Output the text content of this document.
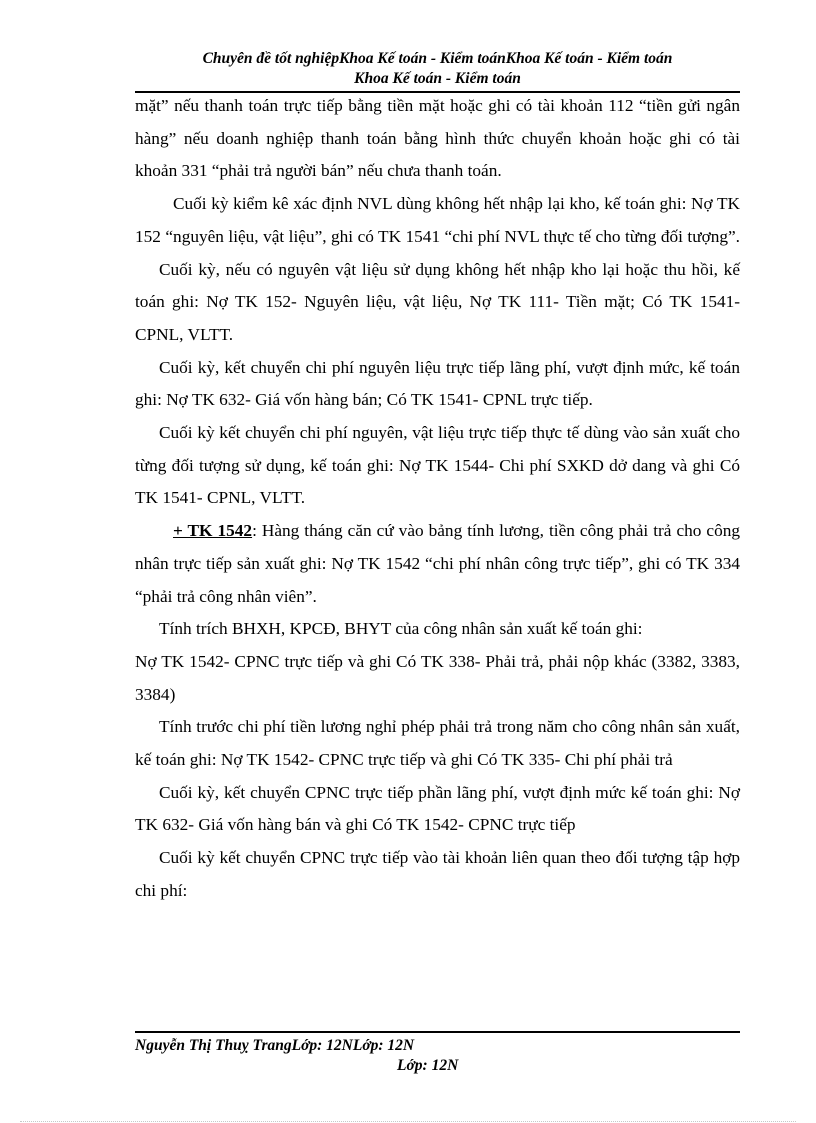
Chuyên đề tốt nghiệpKhoa Kế toán - Kiểm toánKhoa Kế toán - Kiểm toán
Khoa Kế toán - Kiểm toán

mặt” nếu thanh toán trực tiếp bằng tiền mặt hoặc ghi có tài khoản 112 “tiền gửi ngân hàng” nếu doanh nghiệp thanh toán bằng hình thức chuyển khoản hoặc ghi có tài khoản 331 “phải trả người bán” nếu chưa thanh toán.

Cuối kỳ kiểm kê xác định NVL dùng không hết nhập lại kho, kế toán ghi: Nợ TK 152 “nguyên liệu, vật liệu”, ghi có TK 1541 “chi phí NVL thực tế cho từng đối tượng”.

Cuối kỳ, nếu có nguyên vật liệu sử dụng không hết nhập kho lại hoặc thu hồi, kế toán ghi: Nợ TK 152- Nguyên liệu, vật liệu, Nợ TK 111- Tiền mặt; Có TK 1541- CPNL, VLTT.

Cuối kỳ, kết chuyển chi phí nguyên liệu trực tiếp lãng phí, vượt định mức, kế toán ghi: Nợ TK 632- Giá vốn hàng bán; Có TK 1541- CPNL trực tiếp.

Cuối kỳ kết chuyển chi phí nguyên, vật liệu trực tiếp thực tế dùng vào sản xuất cho từng đối tượng sử dụng, kế toán ghi: Nợ TK 1544- Chi phí SXKD dở dang và ghi Có TK 1541- CPNL, VLTT.

+ TK 1542: Hàng tháng căn cứ vào bảng tính lương, tiền công phải trả cho công nhân trực tiếp sản xuất ghi: Nợ TK 1542 “chi phí nhân công trực tiếp”, ghi có TK 334 “phải trả công nhân viên”.

Tính trích BHXH, KPCĐ, BHYT của công nhân sản xuất kế toán ghi:

Nợ TK 1542- CPNC trực tiếp và ghi Có TK 338- Phải trả, phải nộp khác (3382, 3383, 3384)

Tính trước chi phí tiền lương nghỉ phép phải trả trong năm cho công nhân sản xuất, kế toán ghi: Nợ TK 1542- CPNC trực tiếp và ghi Có TK 335- Chi phí phải trả

Cuối kỳ, kết chuyển CPNC trực tiếp phần lãng phí, vượt định mức kế toán ghi: Nợ TK 632- Giá vốn hàng bán và ghi Có TK 1542- CPNC trực tiếp

Cuối kỳ kết chuyển CPNC trực tiếp vào tài khoản liên quan theo đối tượng tập hợp chi phí:

Nguyễn Thị Thuỵ TrangLớp: 12NLớp: 12N
Lớp: 12N
